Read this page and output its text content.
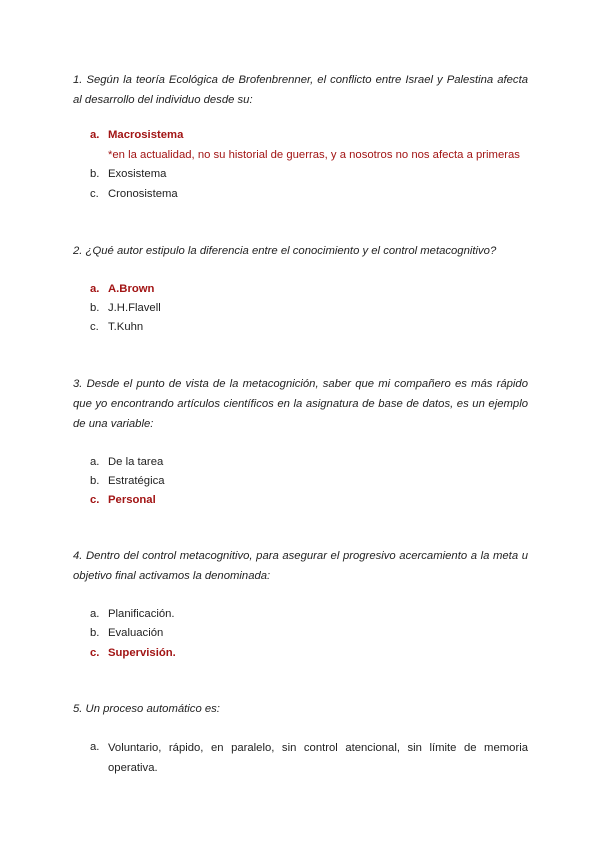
1. Según la teoría Ecológica de Brofenbrenner, el conflicto entre Israel y Palestina afecta al desarrollo del individuo desde su:

a. Macrosistema

*en la actualidad, no su historial de guerras, y a nosotros no nos afecta a primeras

b. Exosistema
c. Cronosistema

2. ¿Qué autor estipulo la diferencia entre el conocimiento y el control metacognitivo?

a. A.Brown
b. J.H.Flavell
c. T.Kuhn

3. Desde el punto de vista de la metacognición, saber que mi compañero es más rápido que yo encontrando artículos científicos en la asignatura de base de datos, es un ejemplo de una variable:

a. De la tarea
b. Estratégica
c. Personal

4. Dentro del control metacognitivo, para asegurar el progresivo acercamiento a la meta u objetivo final activamos la denominada:

a. Planificación.
b. Evaluación
c. Supervisión.

5. Un proceso automático es:

a. Voluntario, rápido, en paralelo, sin control atencional, sin límite de memoria operativa.
